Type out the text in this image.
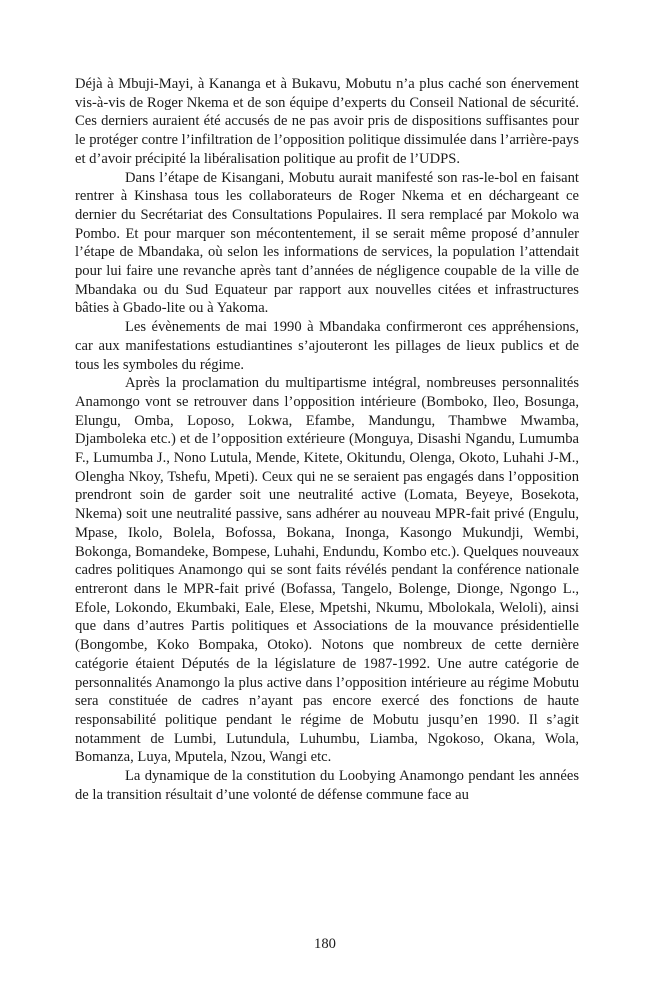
Déjà à Mbuji-Mayi, à Kananga et à Bukavu, Mobutu n’a plus caché son énervement vis-à-vis de Roger Nkema et de son équipe d’experts du Conseil National de sécurité. Ces derniers auraient été accusés de ne pas avoir pris de dispositions suffisantes pour le protéger contre l’infiltration de l’opposition politique dissimulée dans l’arrière-pays et d’avoir précipité la libéralisation politique au profit de l’UDPS.

Dans l’étape de Kisangani, Mobutu aurait manifesté son ras-le-bol en faisant rentrer à Kinshasa tous les collaborateurs de Roger Nkema et en déchargeant ce dernier du Secrétariat des Consultations Populaires. Il sera remplacé par Mokolo wa Pombo. Et pour marquer son mécontentement, il se serait même proposé d’annuler l’étape de Mbandaka, où selon les informations de services, la population l’attendait pour lui faire une revanche après tant d’années de négligence coupable de la ville de Mbandaka ou du Sud Equateur par rapport aux nouvelles citées et infrastructures bâties à Gbado-lite ou à Yakoma.

Les évènements de mai 1990 à Mbandaka confirmeront ces appréhensions, car aux manifestations estudiantines s’ajouteront les pillages de lieux publics et de tous les symboles du régime.

Après la proclamation du multipartisme intégral, nombreuses personnalités Anamongo vont se retrouver dans l’opposition intérieure (Bomboko, Ileo, Bosunga, Elungu, Omba, Loposo, Lokwa, Efambe, Mandungu, Thambwe Mwamba, Djamboleka etc.) et de l’opposition extérieure (Monguya, Disashi Ngandu, Lumumba F., Lumumba J., Nono Lutula, Mende, Kitete, Okitundu, Olenga, Okoto, Luhahi J-M., Olengha Nkoy, Tshefu, Mpeti). Ceux qui ne se seraient pas engagés dans l’opposition prendront soin de garder soit une neutralité active (Lomata, Beyeye, Bosekota, Nkema) soit une neutralité passive, sans adhérer au nouveau MPR-fait privé (Engulu, Mpase, Ikolo, Bolela, Bofossa, Bokana, Inonga, Kasongo Mukundji, Wembi, Bokonga, Bomandeke, Bompese, Luhahi, Endundu, Kombo etc.). Quelques nouveaux cadres politiques Anamongo qui se sont faits révélés pendant la conférence nationale entreront dans le MPR-fait privé (Bofassa, Tangelo, Bolenge, Dionge, Ngongo L., Efole, Lokondo, Ekumbaki, Eale, Elese, Mpetshi, Nkumu, Mbolokala, Weloli), ainsi que dans d’autres Partis politiques et Associations de la mouvance présidentielle (Bongombe, Koko Bompaka, Otoko). Notons que nombreux de cette dernière catégorie étaient Députés de la législature de 1987-1992. Une autre catégorie de personnalités Anamongo la plus active dans l’opposition intérieure au régime Mobutu sera constituée de cadres n’ayant pas encore exercé des fonctions de haute responsabilité politique pendant le régime de Mobutu jusqu’en 1990. Il s’agit notamment de Lumbi, Lutundula, Luhumbu, Liamba, Ngokoso, Okana, Wola, Bomanza, Luya, Mputela, Nzou, Wangi etc.

La dynamique de la constitution du Loobying Anamongo pendant les années de la transition résultait d’une volonté de défense commune face au

180
